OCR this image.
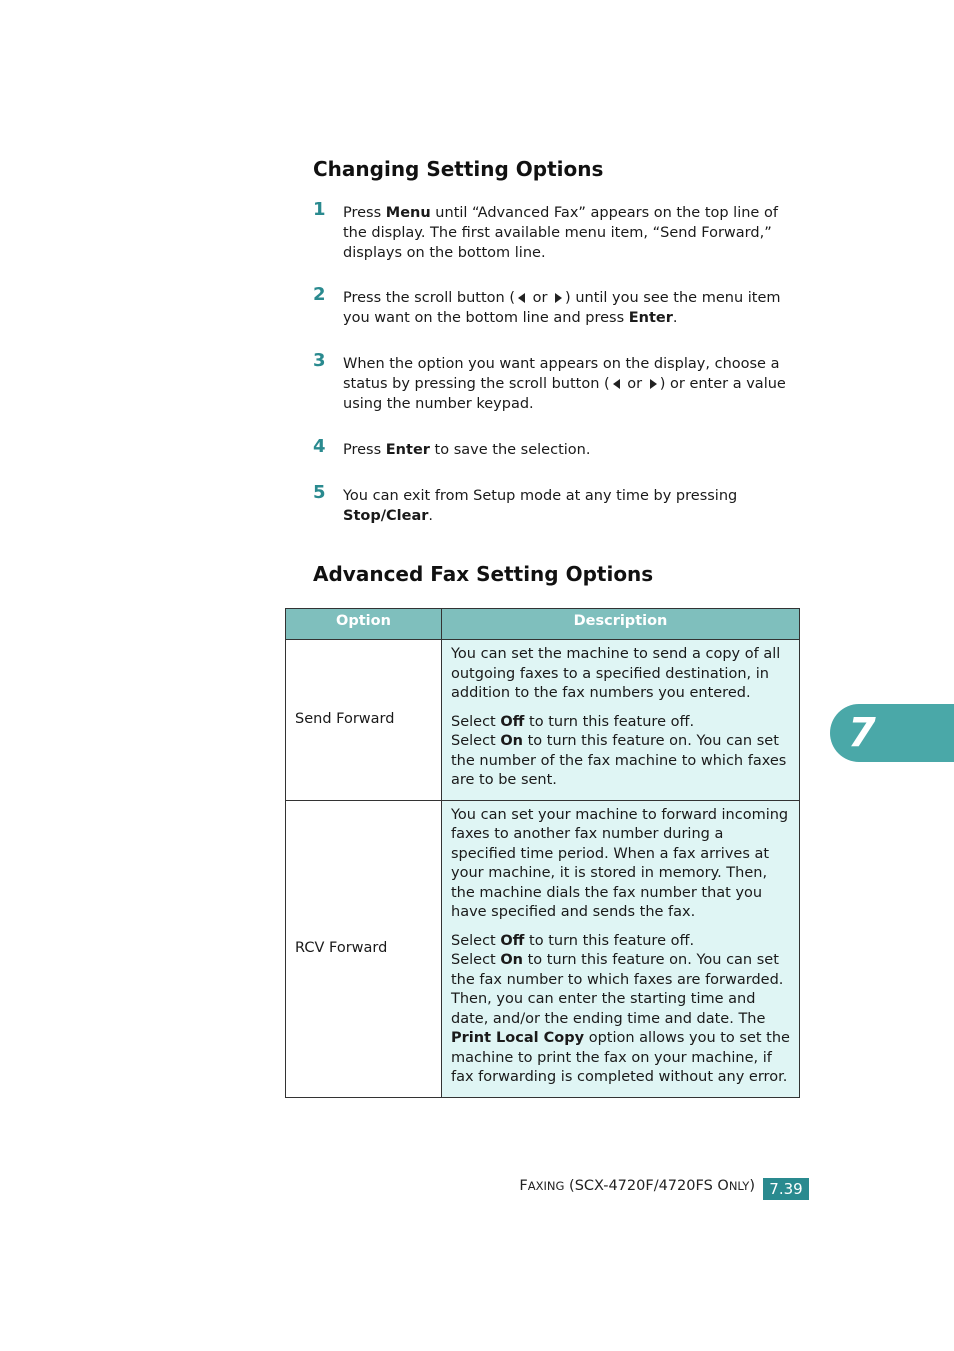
Changing Setting Options
1 Press Menu until “Advanced Fax” appears on the top line of the display. The first available menu item, “Send Forward,” displays on the bottom line.
2 Press the scroll button ( or ) until you see the menu item you want on the bottom line and press Enter.
3 When the option you want appears on the display, choose a status by pressing the scroll button ( or ) or enter a value using the number keypad.
4 Press Enter to save the selection.
5 You can exit from Setup mode at any time by pressing Stop/Clear.
Advanced Fax Setting Options
Option	Description
Send Forward	You can set the machine to send a copy of all outgoing faxes to a specified destination, in addition to the fax numbers you entered.

Select Off to turn this feature off.
Select On to turn this feature on. You can set the number of the fax machine to which faxes are to be sent.

RCV Forward	You can set your machine to forward incoming faxes to another fax number during a specified time period. When a fax arrives at your machine, it is stored in memory. Then, the machine dials the fax number that you have specified and sends the fax.

Select Off to turn this feature off.
Select On to turn this feature on. You can set the fax number to which faxes are forwarded. Then, you can enter the starting time and date, and/or the ending time and date. The Print Local Copy option allows you to set the machine to print the fax on your machine, if fax forwarding is completed without any error.

7
FAXING (SCX-4720F/4720FS ONLY) 7.39
